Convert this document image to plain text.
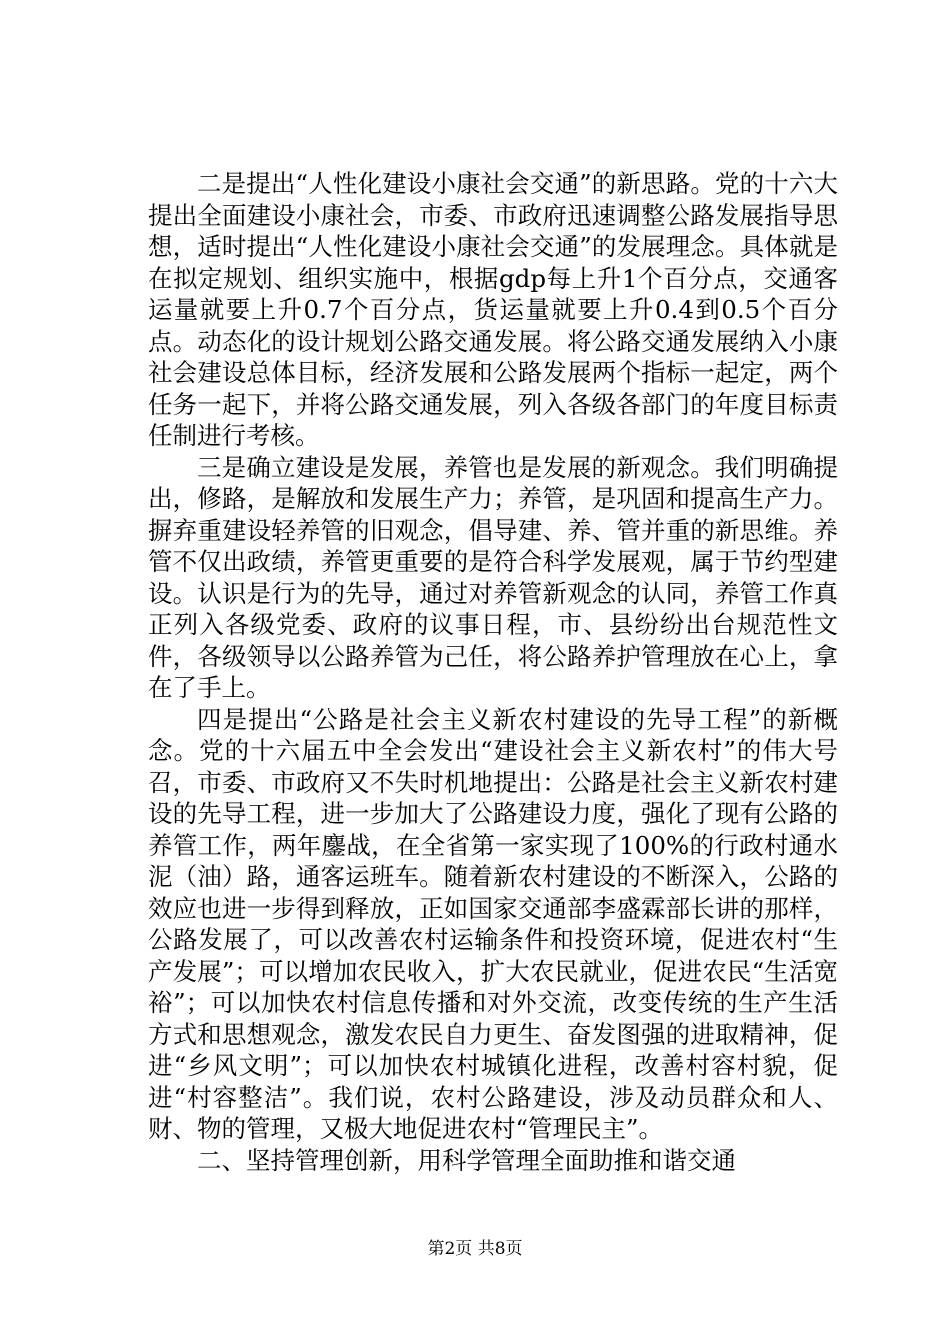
二是提出“人性化建设小康社会交通”的新思路。党的十六大提出全面建设小康社会，市委、市政府迅速调整公路发展指导思想，适时提出“人性化建设小康社会交通”的发展理念。具体就是在拟定规划、组织实施中，根据gdp每上升1个百分点，交通客运量就要上升0.7个百分点，货运量就要上升0.4到0.5个百分点。动态化的设计规划公路交通发展。将公路交通发展纳入小康社会建设总体目标，经济发展和公路发展两个指标一起定，两个任务一起下，并将公路交通发展，列入各级各部门的年度目标责任制进行考核。

三是确立建设是发展，养管也是发展的新观念。我们明确提出，修路，是解放和发展生产力；养管，是巩固和提高生产力。摒弃重建设轻养管的旧观念，倡导建、养、管并重的新思维。养管不仅出政绩，养管更重要的是符合科学发展观，属于节约型建设。认识是行为的先导，通过对养管新观念的认同，养管工作真正列入各级党委、政府的议事日程，市、县纷纷出台规范性文件，各级领导以公路养管为己任，将公路养护管理放在心上，拿在了手上。

四是提出“公路是社会主义新农村建设的先导工程”的新概念。党的十六届五中全会发出“建设社会主义新农村”的伟大号召，市委、市政府又不失时机地提出：公路是社会主义新农村建设的先导工程，进一步加大了公路建设力度，强化了现有公路的养管工作，两年鏖战，在全省第一家实现了100%的行政村通水泥（油）路，通客运班车。随着新农村建设的不断深入，公路的效应也进一步得到释放，正如国家交通部李盛霖部长讲的那样，公路发展了，可以改善农村运输条件和投资环境，促进农村“生产发展”；可以增加农民收入，扩大农民就业，促进农民“生活宽裕”；可以加快农村信息传播和对外交流，改变传统的生产生活方式和思想观念，激发农民自力更生、奋发图强的进取精神，促进“乡风文明”；可以加快农村城镇化进程，改善村容村貌，促进“村容整洁”。我们说，农村公路建设，涉及动员群众和人、财、物的管理，又极大地促进农村“管理民主”。

二、坚持管理创新，用科学管理全面助推和谐交通

第2页 共8页
